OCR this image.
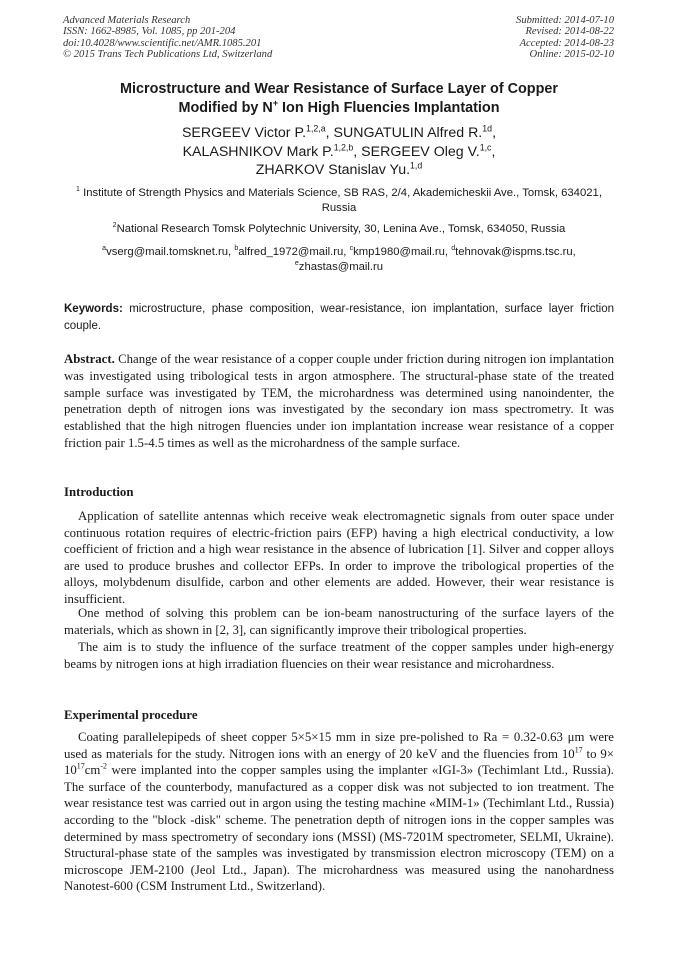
Advanced Materials Research
ISSN: 1662-8985, Vol. 1085, pp 201-204
doi:10.4028/www.scientific.net/AMR.1085.201
© 2015 Trans Tech Publications Ltd, Switzerland
Submitted: 2014-07-10
Revised: 2014-08-22
Accepted: 2014-08-23
Online: 2015-02-10
Microstructure and Wear Resistance of Surface Layer of Copper
Modified by N+ Ion High Fluencies Implantation
SERGEEV Victor P.$^{1,2,a}$, SUNGATULIN Alfred R.$^{1d}$,
KALASHNIKOV Mark P.$^{1,2,b}$, SERGEEV Oleg V.$^{1,c}$,
ZHARKOV Stanislav Yu.$^{1,d}$
$^1$ Institute of Strength Physics and Materials Science, SB RAS, 2/4, Akademicheskii Ave., Tomsk, 634021, Russia
$^2$National Research Tomsk Polytechnic University, 30, Lenina Ave., Tomsk, 634050, Russia
$^a$vserg@mail.tomsknet.ru, $^b$alfred_1972@mail.ru, $^c$kmp1980@mail.ru, $^d$tehnovak@ispms.tsc.ru,
$^e$zhastas@mail.ru
Keywords: microstructure, phase composition, wear-resistance, ion implantation, surface layer friction couple.
Abstract. Change of the wear resistance of a copper couple under friction during nitrogen ion implantation was investigated using tribological tests in argon atmosphere. The structural-phase state of the treated sample surface was investigated by TEM, the microhardness was determined using nanoindenter, the penetration depth of nitrogen ions was investigated by the secondary ion mass spectrometry. It was established that the high nitrogen fluencies under ion implantation increase wear resistance of a copper friction pair 1.5-4.5 times as well as the microhardness of the sample surface.
Introduction
Application of satellite antennas which receive weak electromagnetic signals from outer space under continuous rotation requires of electric-friction pairs (EFP) having a high electrical conductivity, a low coefficient of friction and a high wear resistance in the absence of lubrication [1]. Silver and copper alloys are used to produce brushes and collector EFPs. In order to improve the tribological properties of the alloys, molybdenum disulfide, carbon and other elements are added. However, their wear resistance is insufficient.
One method of solving this problem can be ion-beam nanostructuring of the surface layers of the materials, which as shown in [2, 3], can significantly improve their tribological properties.
The aim is to study the influence of the surface treatment of the copper samples under high-energy beams by nitrogen ions at high irradiation fluencies on their wear resistance and microhardness.
Experimental procedure
Coating parallelepipeds of sheet copper 5×5×15 mm in size pre-polished to Ra = 0.32-0.63 μm were used as materials for the study. Nitrogen ions with an energy of 20 keV and the fluencies from $10^{17}$ to $9\times 10^{17}cm^{-2}$ were implanted into the copper samples using the implanter «IGI-3» (Techimlant Ltd., Russia). The surface of the counterbody, manufactured as a copper disk was not subjected to ion treatment. The wear resistance test was carried out in argon using the testing machine «MIM-1» (Techimlant Ltd., Russia) according to the "block -disk" scheme. The penetration depth of nitrogen ions in the copper samples was determined by mass spectrometry of secondary ions (MSSI) (MS-7201M spectrometer, SELMI, Ukraine). Structural-phase state of the samples was investigated by transmission electron microscopy (TEM) on a microscope JEM-2100 (Jeol Ltd., Japan). The microhardness was measured using the nanohardness Nanotest-600 (CSM Instrument Ltd., Switzerland).
